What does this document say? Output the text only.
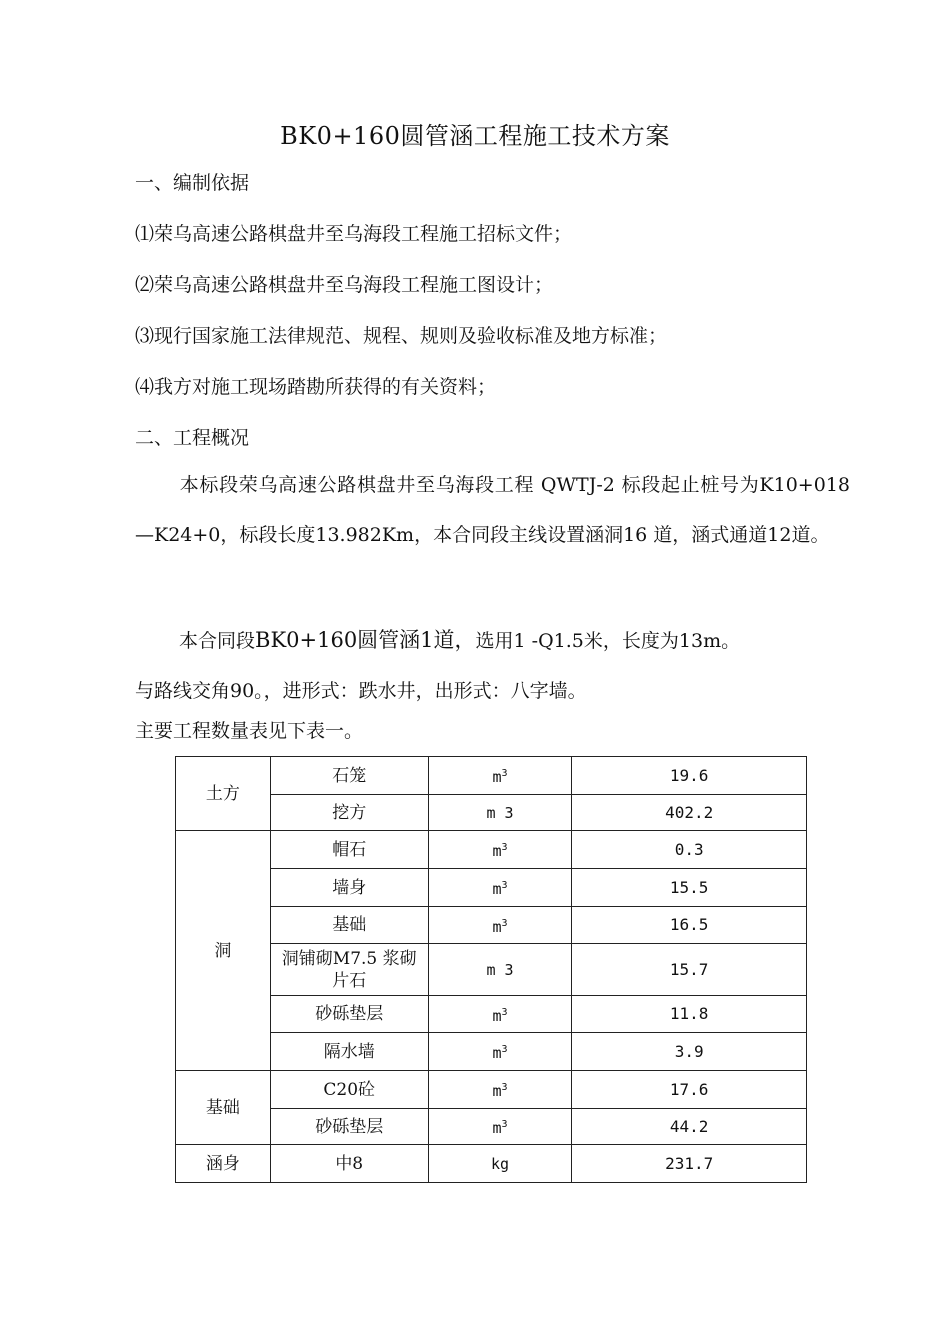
BK0+160圆管涵工程施工技术方案
一、编制依据
⑴荣乌高速公路棋盘井至乌海段工程施工招标文件；
⑵荣乌高速公路棋盘井至乌海段工程施工图设计；
⑶现行国家施工法律规范、规程、规则及验收标准及地方标准；
⑷我方对施工现场踏勘所获得的有关资料；
二、工程概况
本标段荣乌高速公路棋盘井至乌海段工程 QWTJ-2 标段起止桩号为K10+018 —K24+0，标段长度13.982Km，本合同段主线设置涵洞16 道，涵式通道12道。
本合同段BK0+160圆管涵1道，选用1 -Q1.5米，长度为13m。
与路线交角90。，进形式：跌水井，出形式：八字墙。
主要工程数量表见下表一。
土方	石笼	$m^3$	19.6
	挖方	m 3	402.2
洞	帽石	$m^3$	0.3
	墙身	$m^3$	15.5
	基础	$m^3$	16.5
	洞铺砌M7.5 浆砌片石	m 3	15.7
	砂砾垫层	$m^3$	11.8
	隔水墙	$m^3$	3.9
基础	C20砼	$m^3$	17.6
	砂砾垫层	$m^3$	44.2
涵身	中8	kg	231.7
